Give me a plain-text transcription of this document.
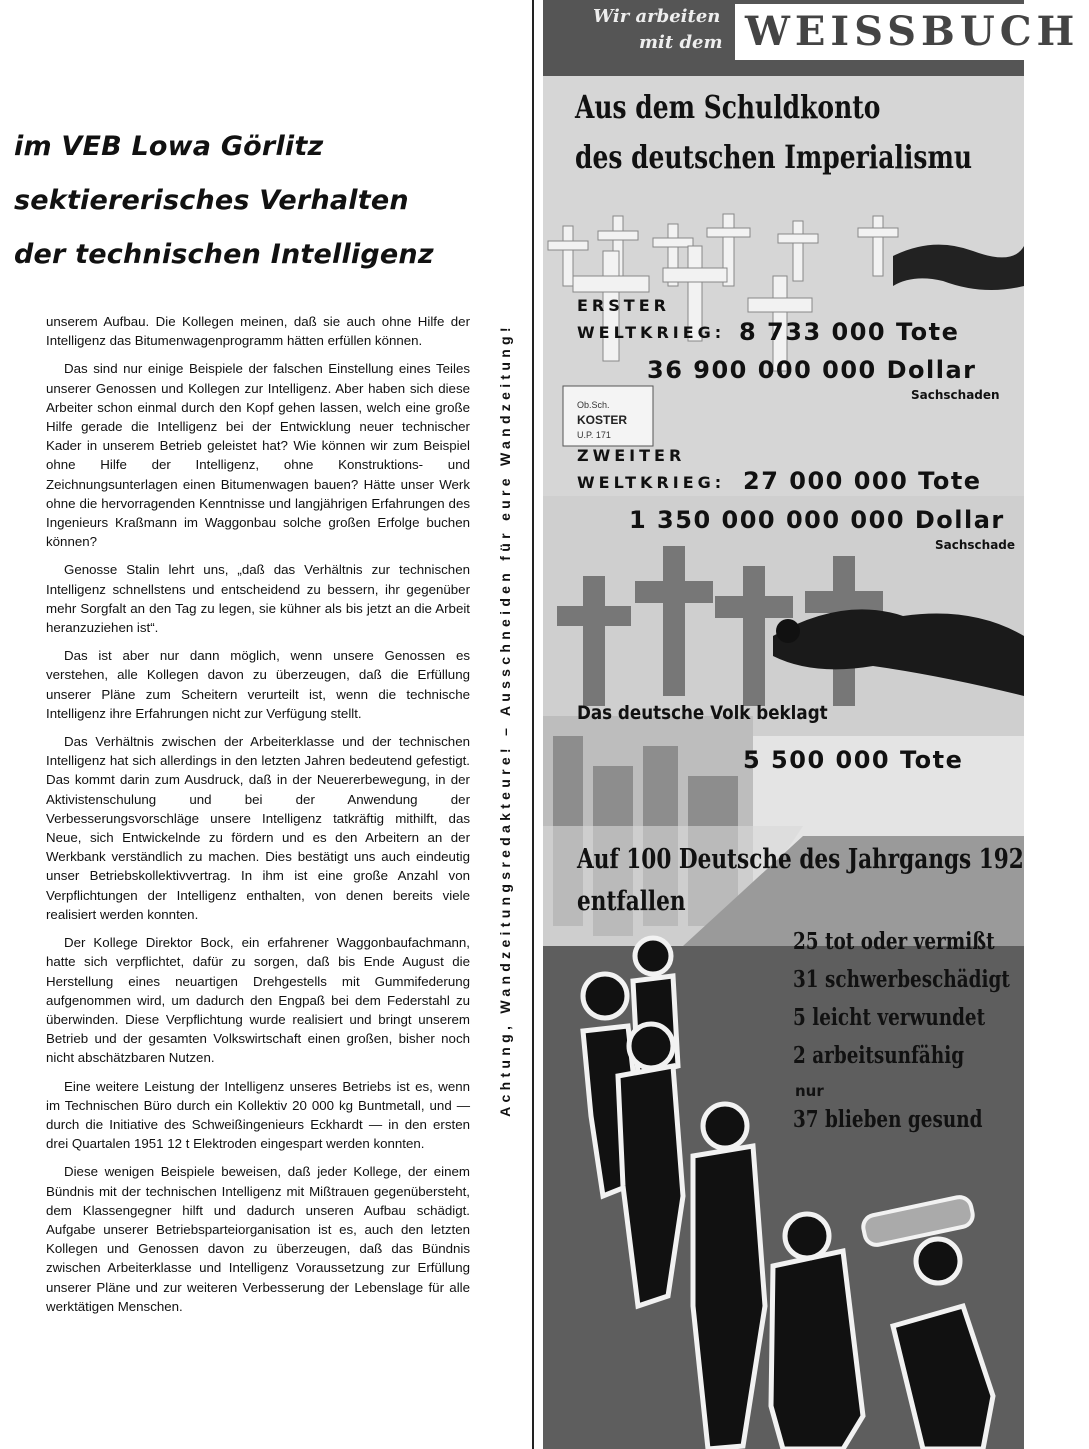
im VEB Lowa Görlitz
sektiererisches Verhalten
der technischen Intelligenz

unserem Aufbau. Die Kollegen meinen, daß sie auch ohne Hilfe der Intelligenz das Bitumenwagenprogramm hätten erfüllen können.

Das sind nur einige Beispiele der falschen Einstellung eines Teiles unserer Genossen und Kollegen zur Intelligenz. Aber haben sich diese Arbeiter schon einmal durch den Kopf gehen lassen, welch eine große Hilfe gerade die Intelligenz bei der Entwicklung neuer technischer Kader in unserem Betrieb geleistet hat? Wie können wir zum Beispiel ohne Hilfe der Intelligenz, ohne Konstruktions- und Zeichnungsunterlagen einen Bitumenwagen bauen? Hätte unser Werk ohne die hervorragenden Kenntnisse und langjährigen Erfahrungen des Ingenieurs Kraßmann im Waggonbau solche großen Erfolge buchen können?

Genosse Stalin lehrt uns, „daß das Verhältnis zur technischen Intelligenz schnellstens und entscheidend zu bessern, ihr gegenüber mehr Sorgfalt an den Tag zu legen, sie kühner als bis jetzt an die Arbeit heranzuziehen ist“.

Das ist aber nur dann möglich, wenn unsere Genossen es verstehen, alle Kollegen davon zu überzeugen, daß die Erfüllung unserer Pläne zum Scheitern verurteilt ist, wenn die technische Intelligenz ihre Erfahrungen nicht zur Verfügung stellt.

Das Verhältnis zwischen der Arbeiterklasse und der technischen Intelligenz hat sich allerdings in den letzten Jahren bedeutend gefestigt. Das kommt darin zum Ausdruck, daß in der Neuererbewegung, in der Aktivistenschulung und bei der Anwendung der Verbesserungsvorschläge unsere Intelligenz tatkräftig mithilft, das Neue, sich Entwickelnde zu fördern und es den Arbeitern an der Werkbank verständlich zu machen. Dies bestätigt uns auch eindeutig unser Betriebskollektivvertrag. In ihm ist eine große Anzahl von Verpflichtungen der Intelligenz enthalten, von denen bereits viele realisiert werden konnten.

Der Kollege Direktor Bock, ein erfahrener Waggonbaufachmann, hatte sich verpflichtet, dafür zu sorgen, daß bis Ende August die Herstellung eines neuartigen Drehgestells mit Gummifederung aufgenommen wird, um dadurch den Engpaß bei dem Federstahl zu überwinden. Diese Verpflichtung wurde realisiert und bringt unserem Betrieb und der gesamten Volkswirtschaft einen großen, bisher noch nicht abschätzbaren Nutzen.

Eine weitere Leistung der Intelligenz unseres Betriebs ist es, wenn im Technischen Büro durch ein Kollektiv 20 000 kg Buntmetall, und — durch die Initiative des Schweißingenieurs Eckhardt — in den ersten drei Quartalen 1951 12 t Elektroden eingespart werden konnten.

Diese wenigen Beispiele beweisen, daß jeder Kollege, der einem Bündnis mit der technischen Intelligenz mit Mißtrauen gegenübersteht, dem Klassengegner hilft und dadurch unseren Aufbau schädigt. Aufgabe unserer Betriebsparteiorganisation ist es, auch den letzten Kollegen und Genossen davon zu überzeugen, daß das Bündnis zwischen Arbeiterklasse und Intelligenz Voraussetzung zur Erfüllung unserer Pläne und zur weiteren Verbesserung der Lebenslage für alle werktätigen Menschen.

Achtung, Wandzeitungsredakteure! – Ausschneiden für eure Wandzeitung!
Wir arbeiten
mit dem WEISSBUCH
Ob.Sch.
KOSTER
U.P. 171
Aus dem Schuldkonto
des deutschen Imperialismu
ERSTER
WELTKRIEG: 8 733 000 Tote
36 900 000 000 Dollar
Sachschaden
ZWEITER
WELTKRIEG: 27 000 000 Tote
1 350 000 000 000 Dollar
Sachschade
Das deutsche Volk beklagt
5 500 000 Tote
Auf 100 Deutsche des Jahrgangs 192
entfallen
25 tot oder vermißt
31 schwerbeschädigt
5 leicht verwundet
2 arbeitsunfähig
nur
37 blieben gesund
